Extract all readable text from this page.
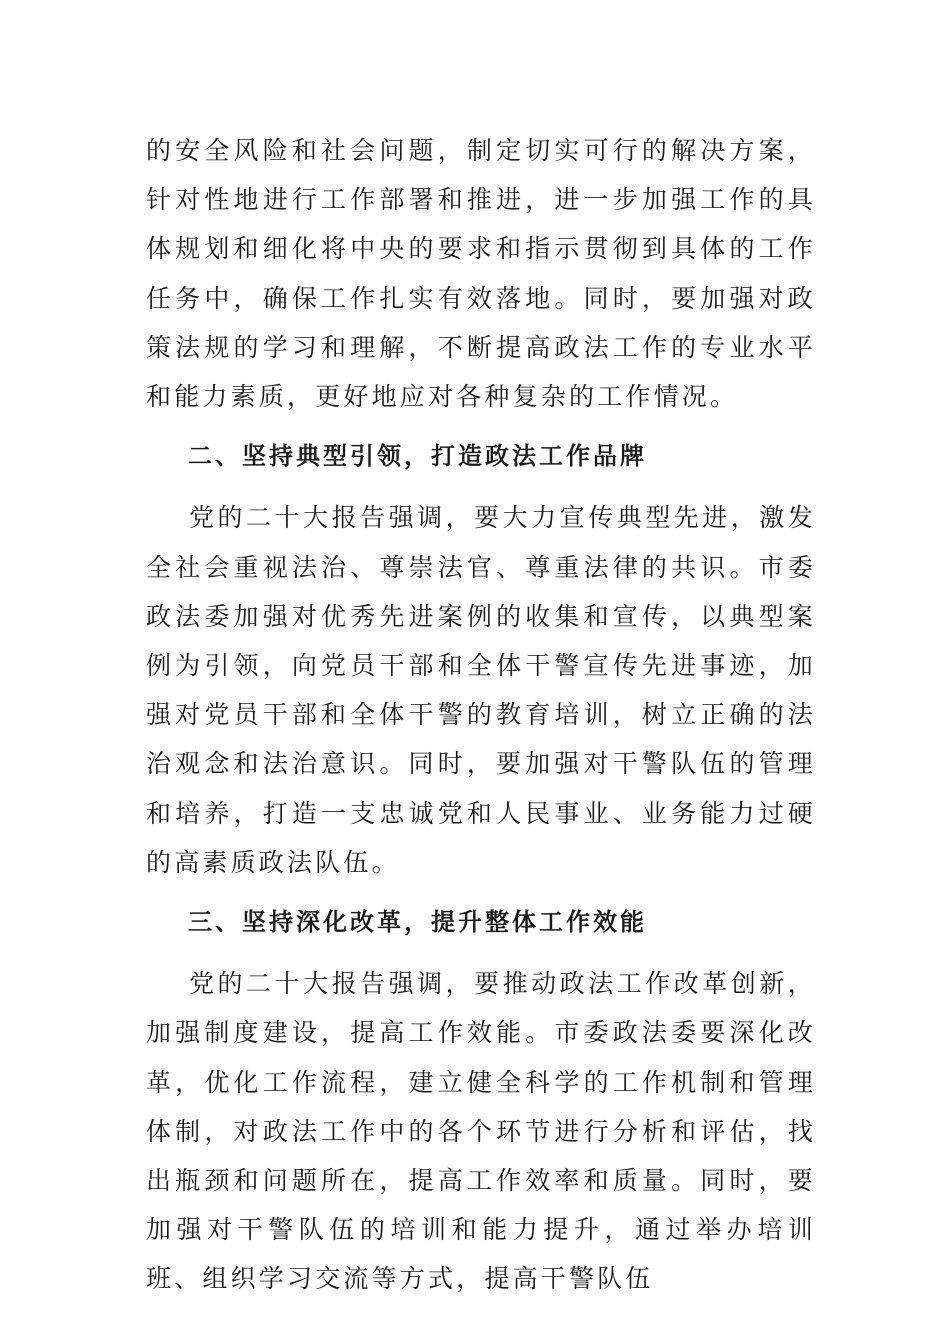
的安全风险和社会问题，制定切实可行的解决方案，针对性地进行工作部署和推进，进一步加强工作的具体规划和细化将中央的要求和指示贯彻到具体的工作任务中，确保工作扎实有效落地。同时，要加强对政策法规的学习和理解，不断提高政法工作的专业水平和能力素质，更好地应对各种复杂的工作情况。

二、坚持典型引领，打造政法工作品牌

党的二十大报告强调，要大力宣传典型先进，激发全社会重视法治、尊崇法官、尊重法律的共识。市委政法委加强对优秀先进案例的收集和宣传，以典型案例为引领，向党员干部和全体干警宣传先进事迹，加强对党员干部和全体干警的教育培训，树立正确的法治观念和法治意识。同时，要加强对干警队伍的管理和培养，打造一支忠诚党和人民事业、业务能力过硬的高素质政法队伍。

三、坚持深化改革，提升整体工作效能

党的二十大报告强调，要推动政法工作改革创新，加强制度建设，提高工作效能。市委政法委要深化改革，优化工作流程，建立健全科学的工作机制和管理体制，对政法工作中的各个环节进行分析和评估，找出瓶颈和问题所在，提高工作效率和质量。同时，要加强对干警队伍的培训和能力提升，通过举办培训班、组织学习交流等方式，提高干警队伍
